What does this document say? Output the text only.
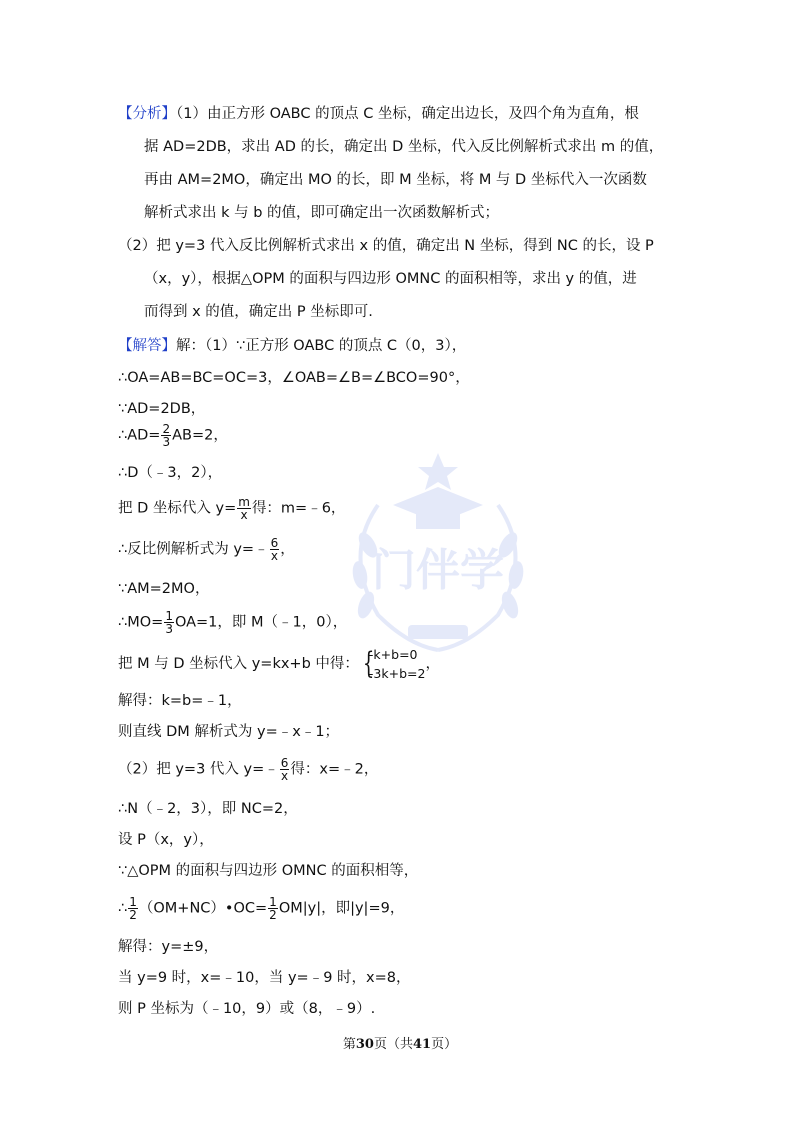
门伴学
【分析】（1）由正方形 OABC 的顶点 C 坐标，确定出边长，及四个角为直角，根
据 AD=2DB，求出 AD 的长，确定出 D 坐标，代入反比例解析式求出 m 的值，
再由 AM=2MO，确定出 MO 的长，即 M 坐标，将 M 与 D 坐标代入一次函数
解析式求出 k 与 b 的值，即可确定出一次函数解析式；
（2）把 y=3 代入反比例解析式求出 x 的值，确定出 N 坐标，得到 NC 的长，设 P
（x，y），根据△OPM 的面积与四边形 OMNC 的面积相等，求出 y 的值，进
而得到 x 的值，确定出 P 坐标即可.
【解答】解：（1）∵正方形 OABC 的顶点 C（0，3），
∴OA=AB=BC=OC=3，∠OAB=∠B=∠BCO=90°，
∵AD=2DB，
∴AD= $\frac{2}{3} AB=2$，
∴D（﹣3，2），
把 D 坐标代入 $y= \frac{m}{x}$ 得：m=﹣6，
∴反比例解析式为 y=﹣ $\frac{6}{x}$ ，
∵AM=2MO，
∴MO= $\frac{1}{3} OA=1$，即 M（﹣1，0），
把 M 与 D 坐标代入 y=kx+b 中得： {
-k+b=0
-3k+b=2
，
解得：k=b=﹣1，
则直线 DM 解析式为 y=﹣x﹣1；
（2）把 y=3 代入 y=﹣ $\frac{6}{x}$ 得：x=﹣2，
∴N（﹣2，3），即 NC=2，
设 P（x，y），
∵△OPM 的面积与四边形 OMNC 的面积相等，
∴ $\frac{1}{2}$ （OM+NC）•OC= $\frac{1}{2} OM|y|$，即|y|=9，
解得：y=±9，
当 y=9 时，x=﹣10，当 y=﹣9 时，x=8，
则 P 坐标为（﹣10，9）或（8，﹣9）.
第30页（共41页）
